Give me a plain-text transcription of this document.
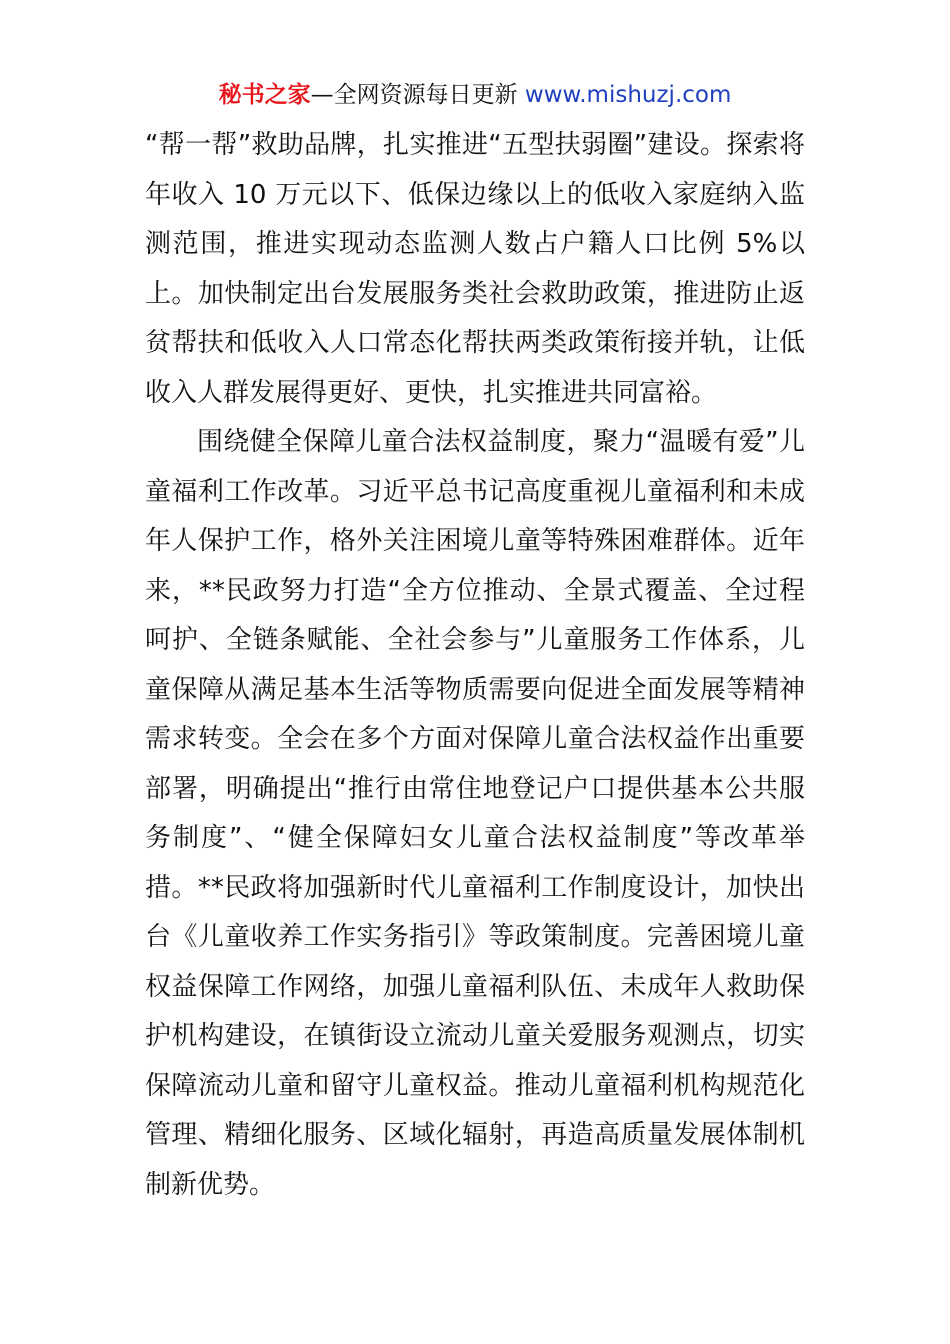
秘书之家—全网资源每日更新 www.mishuzj.com

“帮一帮”救助品牌，扎实推进“五型扶弱圈”建设。探索将年收入 10 万元以下、低保边缘以上的低收入家庭纳入监测范围，推进实现动态监测人数占户籍人口比例 5%以上。加快制定出台发展服务类社会救助政策，推进防止返贫帮扶和低收入人口常态化帮扶两类政策衔接并轨，让低收入人群发展得更好、更快，扎实推进共同富裕。

围绕健全保障儿童合法权益制度，聚力“温暖有爱”儿童福利工作改革。习近平总书记高度重视儿童福利和未成年人保护工作，格外关注困境儿童等特殊困难群体。近年来，**民政努力打造“全方位推动、全景式覆盖、全过程呵护、全链条赋能、全社会参与”儿童服务工作体系，儿童保障从满足基本生活等物质需要向促进全面发展等精神需求转变。全会在多个方面对保障儿童合法权益作出重要部署，明确提出“推行由常住地登记户口提供基本公共服务制度”、“健全保障妇女儿童合法权益制度”等改革举措。**民政将加强新时代儿童福利工作制度设计，加快出台《儿童收养工作实务指引》等政策制度。完善困境儿童权益保障工作网络，加强儿童福利队伍、未成年人救助保护机构建设，在镇街设立流动儿童关爱服务观测点，切实保障流动儿童和留守儿童权益。推动儿童福利机构规范化管理、精细化服务、区域化辐射，再造高质量发展体制机制新优势。
